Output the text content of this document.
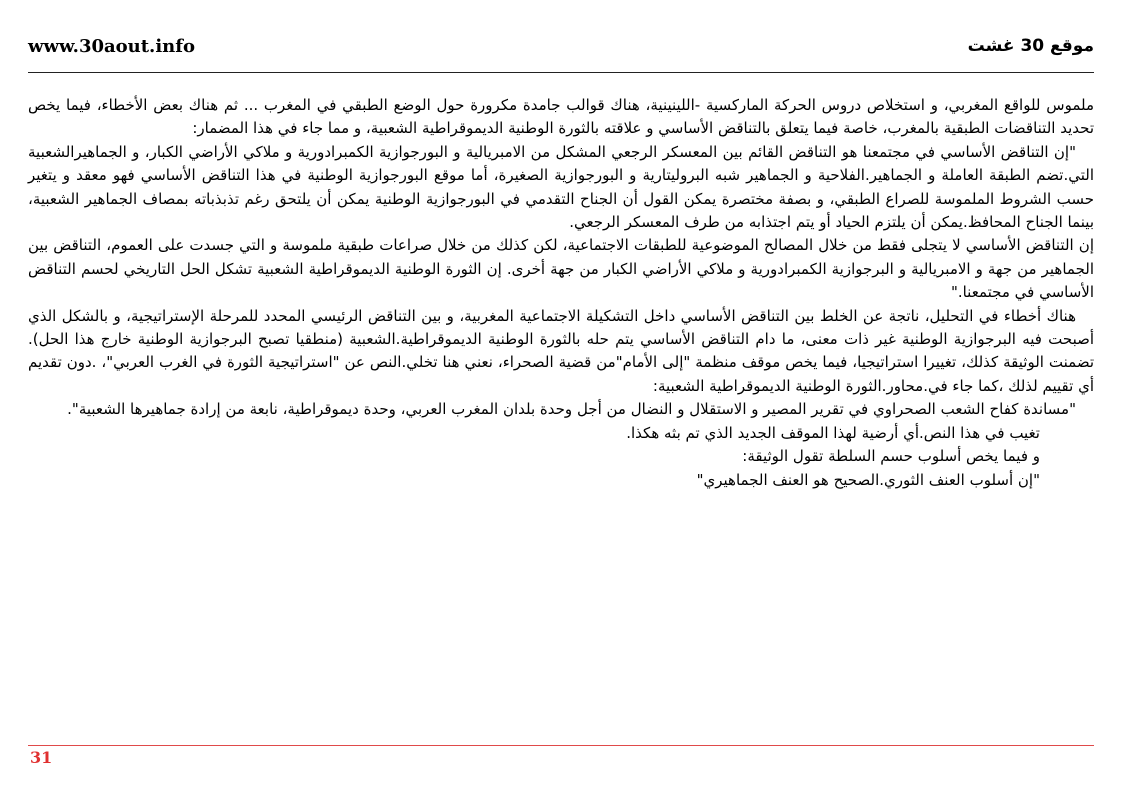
www.30aout.info	موقع 30 غشت

ملموس للواقع المغربي، و استخلاص دروس الحركة الماركسية -اللينينية، هناك قوالب جامدة مكرورة حول الوضع الطبقي في المغرب ... ثم هناك بعض الأخطاء، فيما يخص تحديد التناقضات الطبقية بالمغرب، خاصة فيما يتعلق بالتناقض الأساسي و علاقته بالثورة الوطنية الديموقراطية الشعبية، و مما جاء في هذا المضمار:

"إن التناقض الأساسي في مجتمعنا هو التناقض القائم بين المعسكر الرجعي المشكل من الامبريالية و البورجوازية الكمبرادورية و ملاكي الأراضي الكبار، و الجماهيرالشعبية التي.تضم الطبقة العاملة و الجماهير.الفلاحية و الجماهير شبه البروليتارية و البورجوازية الصغيرة، أما موقع البورجوازية الوطنية في هذا التناقض الأساسي فهو معقد و يتغير حسب الشروط الملموسة للصراع الطبقي، و بصفة مختصرة يمكن القول أن الجناح التقدمي في البورجوازية الوطنية يمكن أن يلتحق رغم تذبذباته بمصاف الجماهير الشعبية، بينما الجناح المحافظ.يمكن أن يلتزم الحياد أو يتم اجتذابه من طرف المعسكر الرجعي.

إن التناقض الأساسي لا يتجلى فقط من خلال المصالح الموضوعية للطبقات الاجتماعية، لكن كذلك من خلال صراعات طبقية ملموسة و التي جسدت على العموم، التناقض بين الجماهير من جهة و الامبريالية و البرجوازية الكمبرادورية و ملاكي الأراضي الكبار من جهة أخرى. إن الثورة الوطنية الديموقراطية الشعبية تشكل الحل التاريخي لحسم التناقض الأساسي في مجتمعنا."

هناك أخطاء في التحليل، ناتجة عن الخلط بين التناقض الأساسي داخل التشكيلة الاجتماعية المغربية، و بين التناقض الرئيسي المحدد للمرحلة الإستراتيجية، و بالشكل الذي أصبحت فيه البرجوازية الوطنية غير ذات معنى، ما دام التناقض الأساسي يتم حله بالثورة الوطنية الديموقراطية.الشعبية (منطقيا تصبح البرجوازية الوطنية خارج هذا الحل). تضمنت الوثيقة كذلك، تغييرا استراتيجيا، فيما يخص موقف منظمة "إلى الأمام"من قضية الصحراء، نعني هنا تخلي.النص عن "استراتيجية الثورة في الغرب العربي"، .دون تقديم أي تقييم لذلك ،كما جاء في.محاور.الثورة الوطنية الديموقراطية الشعبية:

"مساندة كفاح الشعب الصحراوي في تقرير المصير و الاستقلال و النضال من أجل وحدة بلدان المغرب العربي، وحدة ديموقراطية، نابعة من إرادة جماهيرها الشعبية".

تغيب في هذا النص.أي أرضية لهذا الموقف الجديد الذي تم بثه هكذا.

و فيما يخص أسلوب حسم السلطة تقول الوثيقة:

"إن أسلوب العنف الثوري.الصحيح هو العنف الجماهيري"

31
